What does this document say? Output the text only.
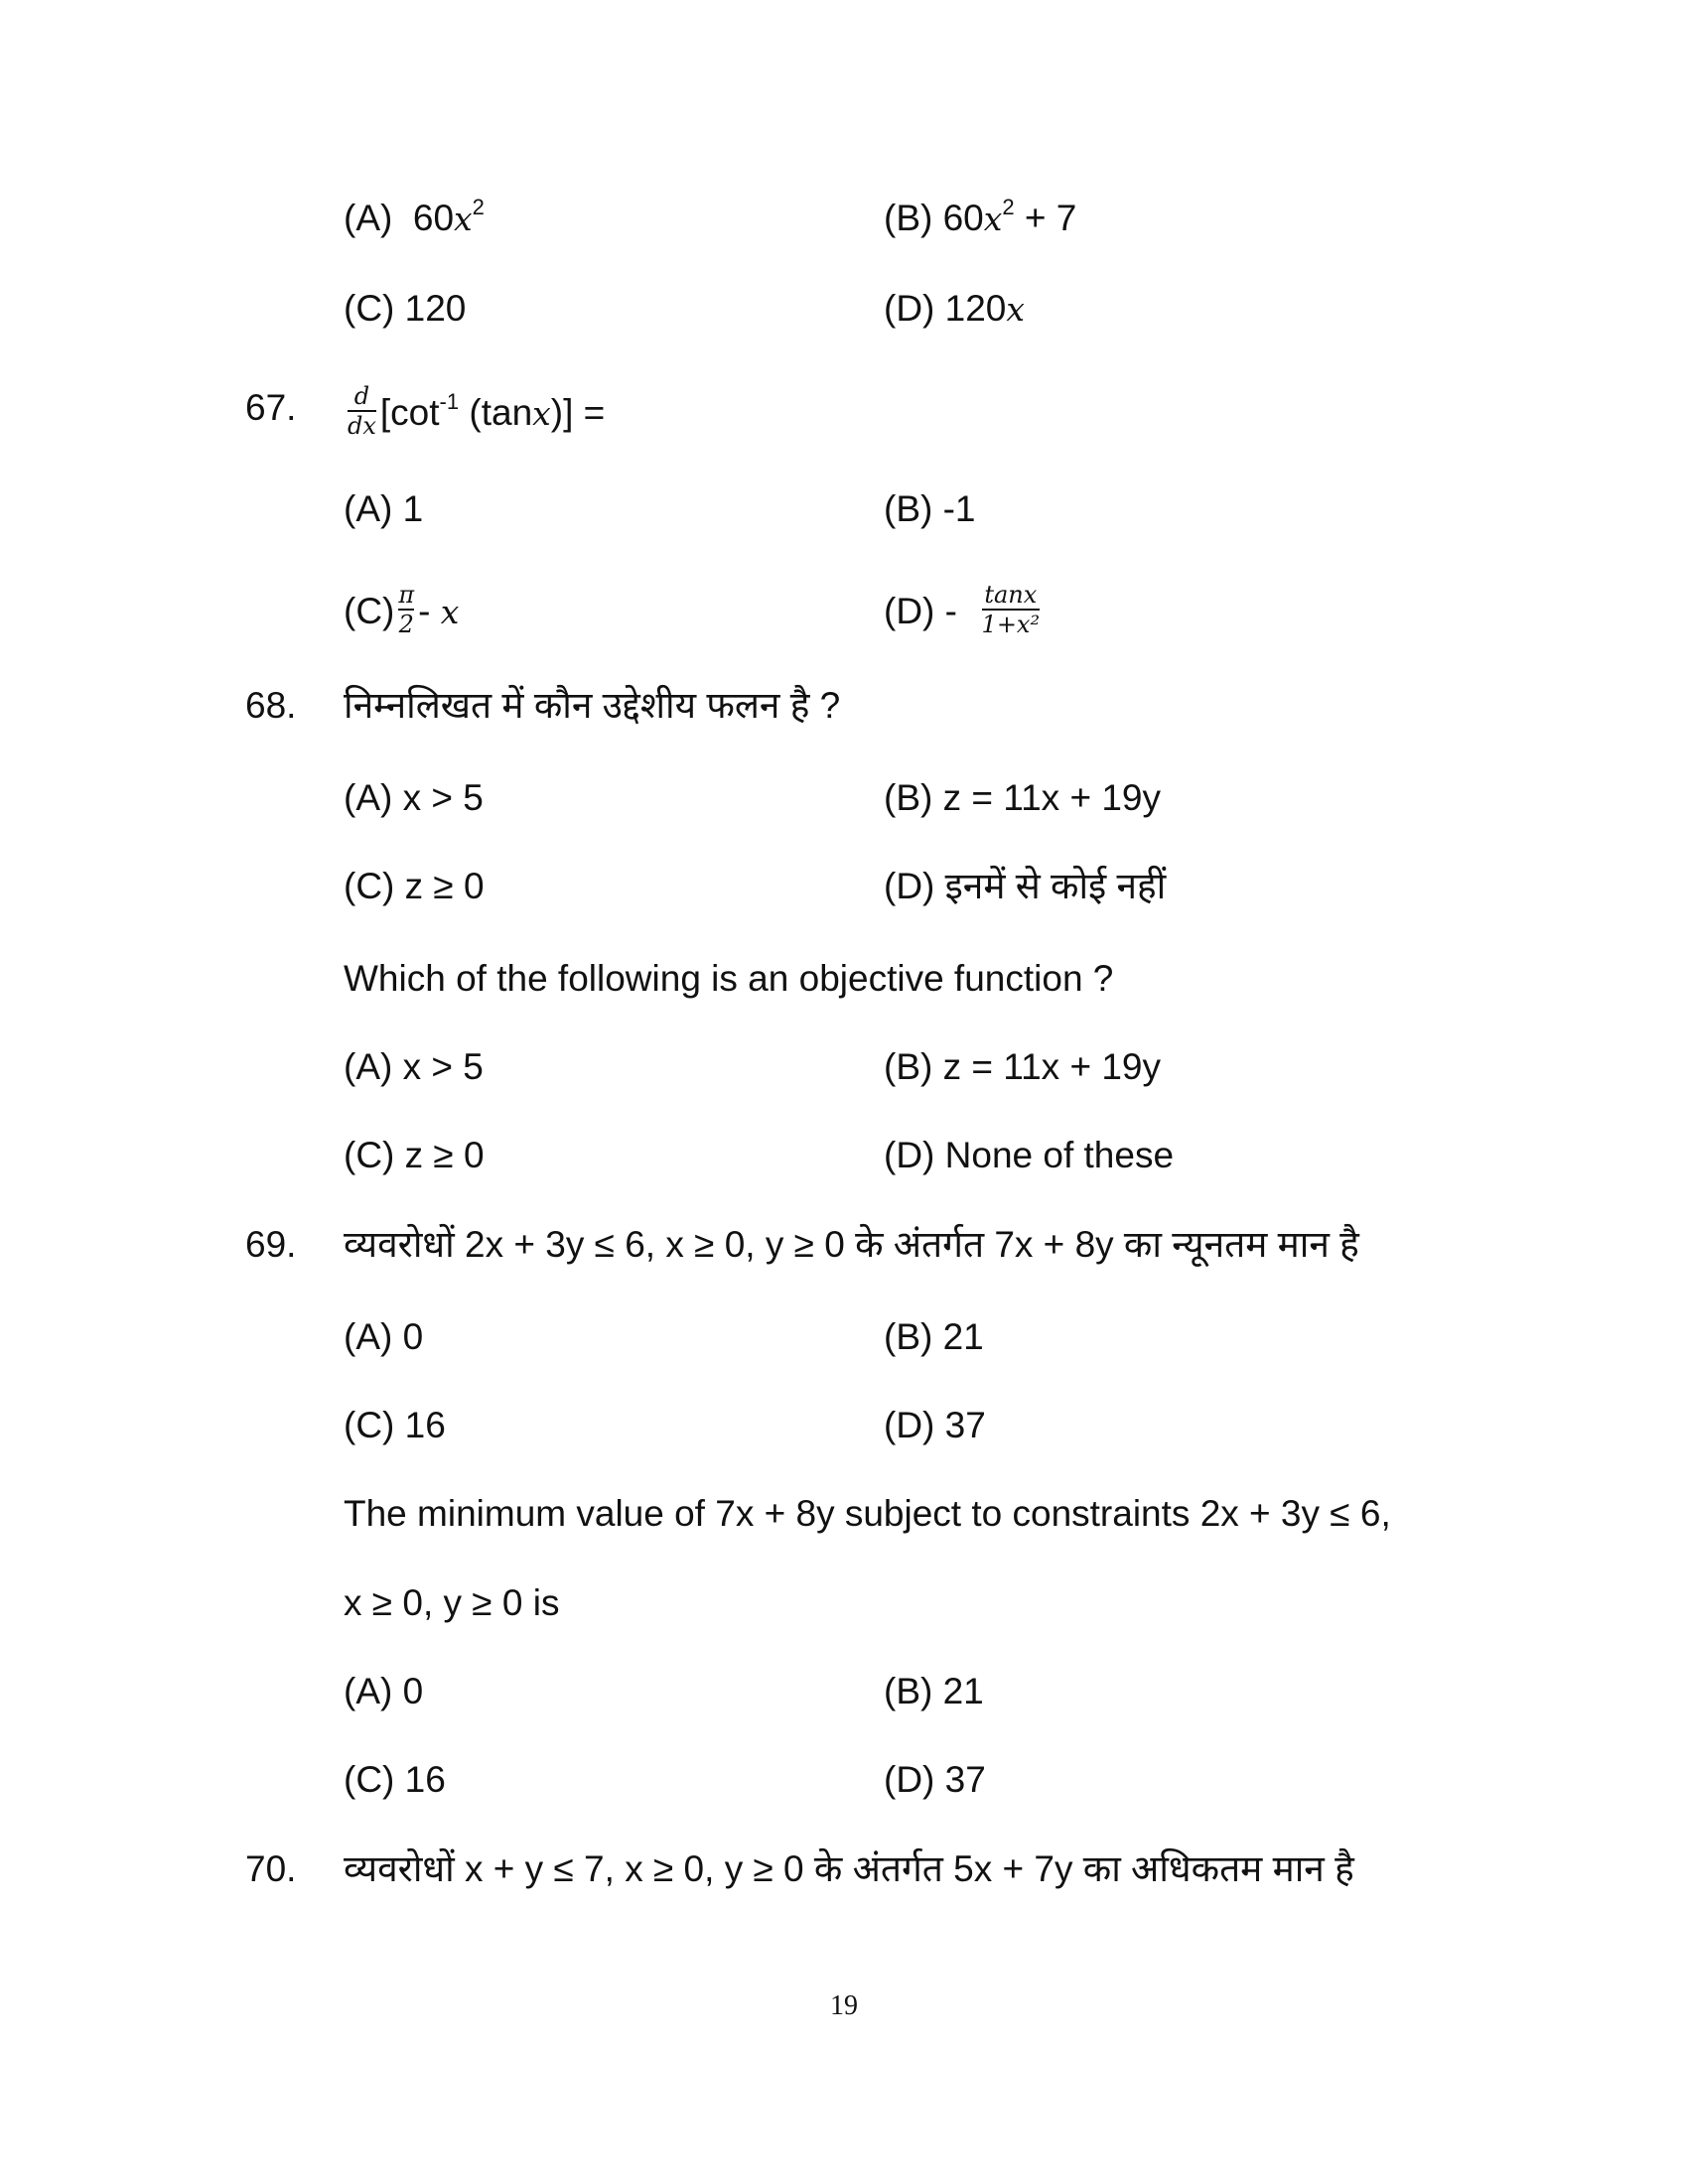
(A) $60x^2$	(B) $60x^2 + 7$
(C) 120	(D) 120x
67. $\frac{d}{dx} [\cot^{-1}$ (tanx)] =
(A) 1	(B) -1
$(C) \frac{\pi}{2}$ - x	$(D) - \frac{\tan x}{\text{1+x²}}$
68. निम्नलिखत में कौन उद्देशीय फलन है ?
(A) x > 5	(B) z = 11x + 19y
(C) z ≥ 0	(D) इनमें से कोई नहीं
Which of the following is an objective function ?
(A) x > 5	(B) z = 11x + 19y
(C) z ≥ 0	(D) None of these
69. व्यवरोधों 2x + 3y ≤ 6, x ≥ 0, y ≥ 0 के अंतर्गत 7x + 8y का न्यूनतम मान है
(A) 0	(B) 21
(C) 16	(D) 37
The minimum value of 7x + 8y subject to constraints 2x + 3y ≤ 6,
x ≥ 0, y ≥ 0 is
(A) 0	(B) 21
(C) 16	(D) 37
70. व्यवरोधों x + y ≤ 7, x ≥ 0, y ≥ 0 के अंतर्गत 5x + 7y का अधिकतम मान है
19
